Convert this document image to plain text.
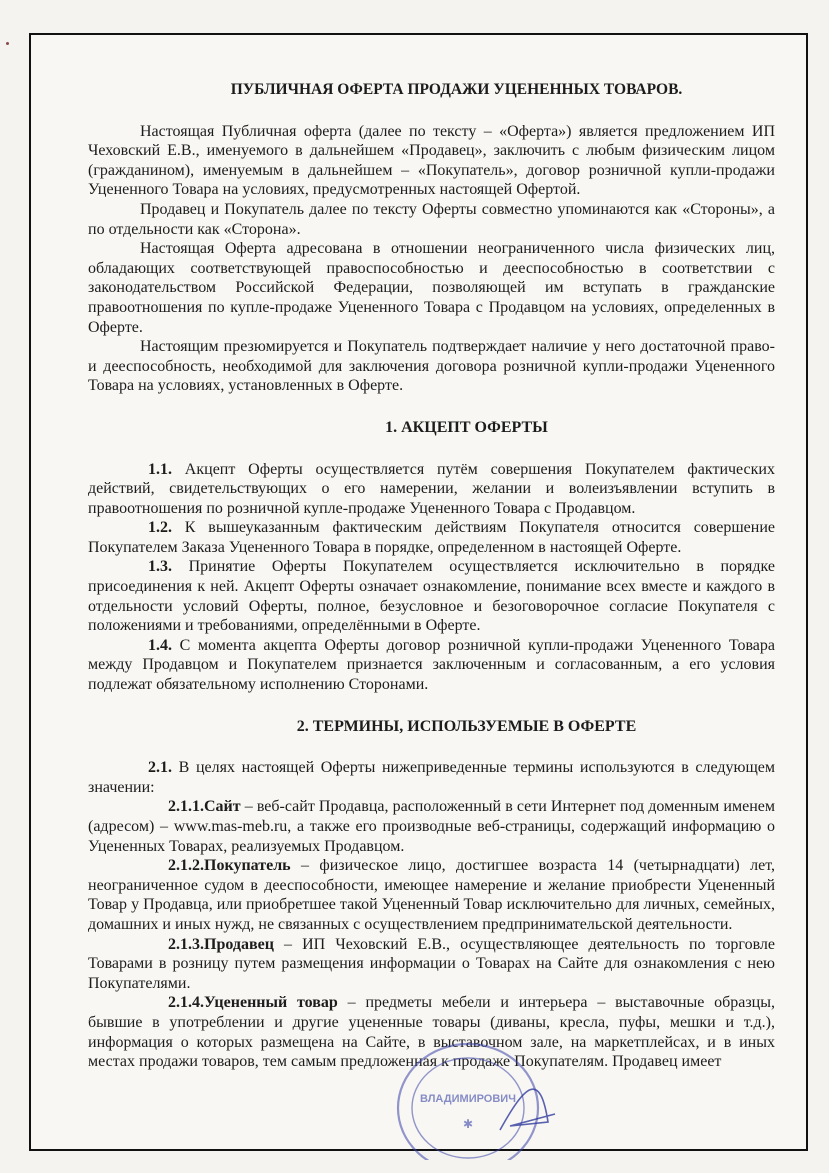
ПУБЛИЧНАЯ ОФЕРТА ПРОДАЖИ УЦЕНЕННЫХ ТОВАРОВ.

Настоящая Публичная оферта (далее по тексту – «Оферта») является предложением ИП Чеховский Е.В., именуемого в дальнейшем «Продавец», заключить с любым физическим лицом (гражданином), именуемым в дальнейшем – «Покупатель», договор розничной купли-продажи Уцененного Товара на условиях, предусмотренных настоящей Офертой.

Продавец и Покупатель далее по тексту Оферты совместно упоминаются как «Стороны», а по отдельности как «Сторона».

Настоящая Оферта адресована в отношении неограниченного числа физических лиц, обладающих соответствующей правоспособностью и дееспособностью в соответствии с законодательством Российской Федерации, позволяющей им вступать в гражданские правоотношения по купле-продаже Уцененного Товара с Продавцом на условиях, определенных в Оферте.

Настоящим презюмируется и Покупатель подтверждает наличие у него достаточной право- и дееспособность, необходимой для заключения договора розничной купли-продажи Уцененного Товара на условиях, установленных в Оферте.

1. АКЦЕПТ ОФЕРТЫ

1.1. Акцепт Оферты осуществляется путём совершения Покупателем фактических действий, свидетельствующих о его намерении, желании и волеизъявлении вступить в правоотношения по розничной купле-продаже Уцененного Товара с Продавцом.

1.2. К вышеуказанным фактическим действиям Покупателя относится совершение Покупателем Заказа Уцененного Товара в порядке, определенном в настоящей Оферте.

1.3. Принятие Оферты Покупателем осуществляется исключительно в порядке присоединения к ней. Акцепт Оферты означает ознакомление, понимание всех вместе и каждого в отдельности условий Оферты, полное, безусловное и безоговорочное согласие Покупателя с положениями и требованиями, определёнными в Оферте.

1.4. С момента акцепта Оферты договор розничной купли-продажи Уцененного Товара между Продавцом и Покупателем признается заключенным и согласованным, а его условия подлежат обязательному исполнению Сторонами.

2. ТЕРМИНЫ, ИСПОЛЬЗУЕМЫЕ В ОФЕРТЕ

2.1. В целях настоящей Оферты нижеприведенные термины используются в следующем значении:

2.1.1.Сайт – веб-сайт Продавца, расположенный в сети Интернет под доменным именем (адресом) – www.mas-meb.ru, а также его производные веб-страницы, содержащий информацию о Уцененных Товарах, реализуемых Продавцом.

2.1.2.Покупатель – физическое лицо, достигшее возраста 14 (четырнадцати) лет, неограниченное судом в дееспособности, имеющее намерение и желание приобрести Уцененный Товар у Продавца, или приобретшее такой Уцененный Товар исключительно для личных, семейных, домашних и иных нужд, не связанных с осуществлением предпринимательской деятельности.

2.1.3.Продавец – ИП Чеховский Е.В., осуществляющее деятельность по торговле Товарами в розницу путем размещения информации о Товарах на Сайте для ознакомления с нею Покупателями.

2.1.4.Уцененный товар – предметы мебели и интерьера – выставочные образцы, бывшие в употреблении и другие уцененные товары (диваны, кресла, пуфы, мешки и т.д.), информация о которых размещена на Сайте, в выставочном зале, на маркетплейсах, и в иных местах продажи товаров, тем самым предложенная к продаже Покупателям. Продавец имеет

ВЛАДИМИРОВИЧ
✱
